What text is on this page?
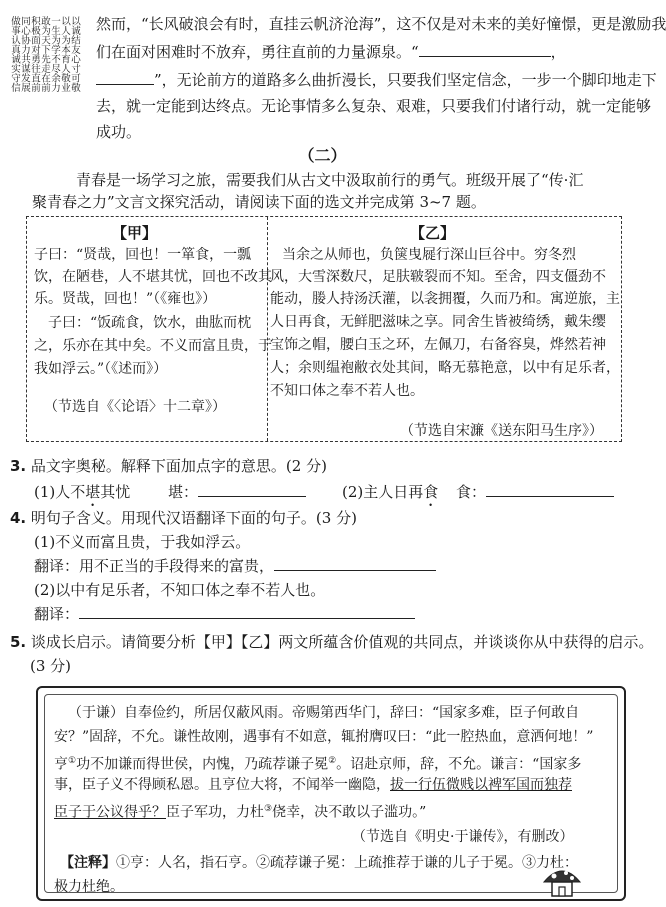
以诚结友心寸可敬
以人为本育人敬业
一生为学不尽余力
敢为天下先走在前
积极面对勇往直前
同心协力共谋发展
做事认真诚实守信	然而，“长风破浪会有时，直挂云帆济沧海”，这不仅是对未来的美好憧憬，更是激励我
们在面对困难时不放弃，勇往直前的力量源泉。“	，
”，无论前方的道路多么曲折漫长，只要我们坚定信念，一步一个脚印地走下
去，就一定能到达终点。无论事情多么复杂、艰难，只要我们付诸行动，就一定能够
成功。
（二）
青春是一场学习之旅，需要我们从古文中汲取前行的勇气。班级开展了“传·汇
聚青春之力”文言文探究活动，请阅读下面的选文并完成第 3~7 题。
【甲】
子曰：“贤哉，回也！一箪食，一瓢
饮，在陋巷，人不堪其忧，回也不改其
乐。贤哉，回也！”（《雍也》）
子曰：“饭疏食，饮水，曲肱而枕
之，乐亦在其中矣。不义而富且贵，于
我如浮云。”（《述而》）
（节选自《〈论语〉十二章》）
【乙】
当余之从师也，负箧曳屣行深山巨谷中。穷冬烈
风，大雪深数尺，足肤皲裂而不知。至舍，四支僵劲不
能动，媵人持汤沃灌，以衾拥覆，久而乃和。寓逆旅，主
人日再食，无鲜肥滋味之享。同舍生皆被绮绣，戴朱缨
宝饰之帽，腰白玉之环，左佩刀，右备容臭，烨然若神
人；余则缊袍敝衣处其间，略无慕艳意，以中有足乐者，
不知口体之奉不若人也。
（节选自宋濂《送东阳马生序》）
3. 品文字奥秘。解释下面加点字的意思。(2 分)
(1)人不堪其忧	堪：	(2)主人日再食 食：
4. 明句子含义。用现代汉语翻译下面的句子。(3 分)
(1)不义而富且贵，于我如浮云。
翻译：用不正当的手段得来的富贵，
(2)以中有足乐者，不知口体之奉不若人也。
翻译：
5. 谈成长启示。请简要分析【甲】【乙】两文所蕴含价值观的共同点，并谈谈你从中获得的启示。
(3 分)
（于谦）自奉俭约，所居仅蔽风雨。帝赐第西华门，辞曰：“国家多难，臣子何敢自
安？”固辞，不允。谦性故刚，遇事有不如意，辄拊膺叹曰：“此一腔热血，意洒何地！”
亨①功不加谦而得世侯，内愧，乃疏荐谦子冕②。诏赴京师，辞，不允。谦言：“国家多
事，臣子义不得顾私恩。且亨位大将，不闻举一幽隐，拔一行伍微贱以裨军国而独荐
臣子于公议得乎？臣子军功，力杜③侥幸，决不敢以子滥功。”
（节选自《明史·于谦传》，有删改）
【注释】①亨：人名，指石亨。②疏荐谦子冕：上疏推荐于谦的儿子于冕。③力杜：
极力杜绝。
